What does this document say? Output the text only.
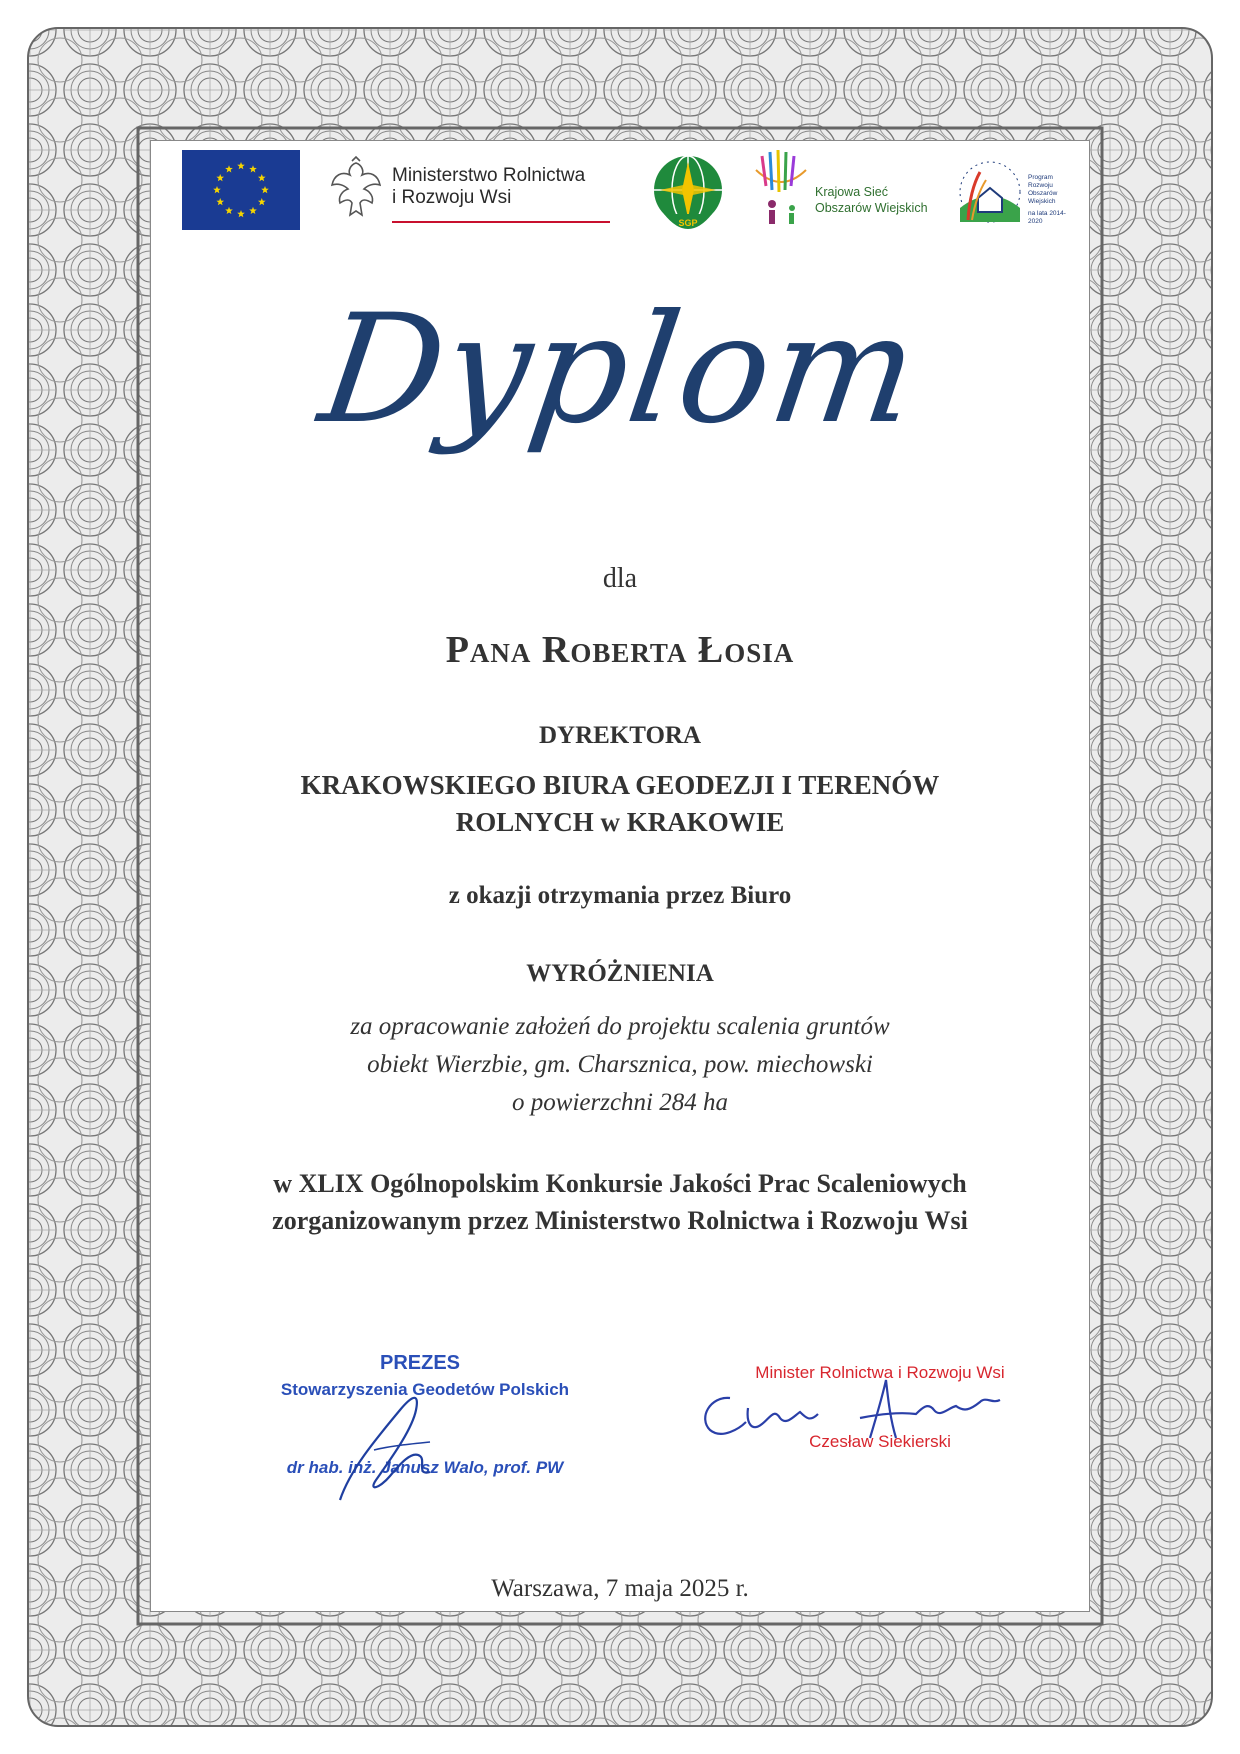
Ministerstwo Rolnictwa
i Rozwoju Wsi
SGP
Krajowa Sieć
Obszarów Wiejskich
Program
Rozwoju
Obszarów
Wiejskich
na lata 2014-2020
Dyplom
dla
Pana Roberta Łosia
DYREKTORA
KRAKOWSKIEGO BIURA GEODEZJI I TERENÓW
ROLNYCH w KRAKOWIE
z okazji otrzymania przez Biuro
WYRÓŻNIENIA
za opracowanie założeń do projektu scalenia gruntów
obiekt Wierzbie, gm. Charsznica, pow. miechowski
o powierzchni 284 ha
w XLIX Ogólnopolskim Konkursie Jakości Prac Scaleniowych
zorganizowanym przez Ministerstwo Rolnictwa i Rozwoju Wsi
PREZES
Stowarzyszenia Geodetów Polskich
dr hab. inż. Janusz Walo, prof. PW
Minister Rolnictwa i Rozwoju Wsi
Czesław Siekierski
Warszawa, 7 maja 2025 r.
